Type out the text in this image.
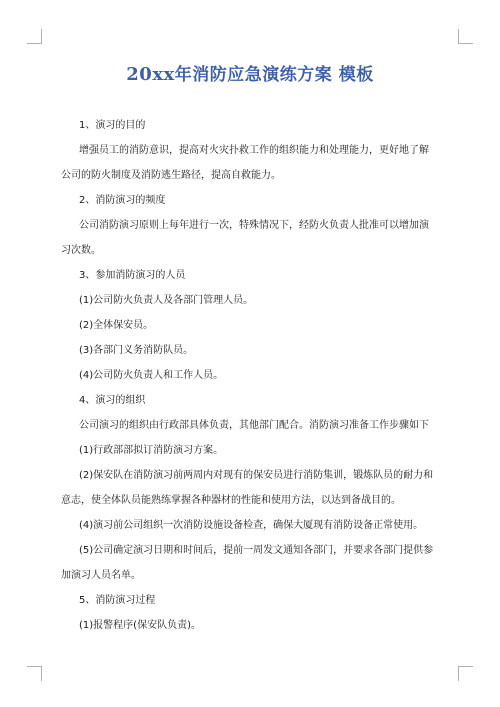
20xx年消防应急演练方案 模板

1、演习的目的

增强员工的消防意识，提高对火灾扑救工作的组织能力和处理能力，更好地了解

公司的防火制度及消防逃生路径，提高自救能力。

2、消防演习的频度

公司消防演习原则上每年进行一次，特殊情况下，经防火负责人批准可以增加演

习次数。

3、参加消防演习的人员

(1)公司防火负责人及各部门管理人员。

(2)全体保安员。

(3)各部门义务消防队员。

(4)公司防火负责人和工作人员。

4、演习的组织

公司演习的组织由行政部具体负责，其他部门配合。消防演习准备工作步骤如下

(1)行政部部拟订消防演习方案。

(2)保安队在消防演习前两周内对现有的保安员进行消防集训，锻炼队员的耐力和

意志，使全体队员能熟练掌握各种器材的性能和使用方法，以达到备战目的。

(4)演习前公司组织一次消防设施设备检查，确保大厦现有消防设备正常使用。

(5)公司确定演习日期和时间后，提前一周发文通知各部门，并要求各部门提供参

加演习人员名单。

5、消防演习过程

(1)报警程序(保安队负责)。
